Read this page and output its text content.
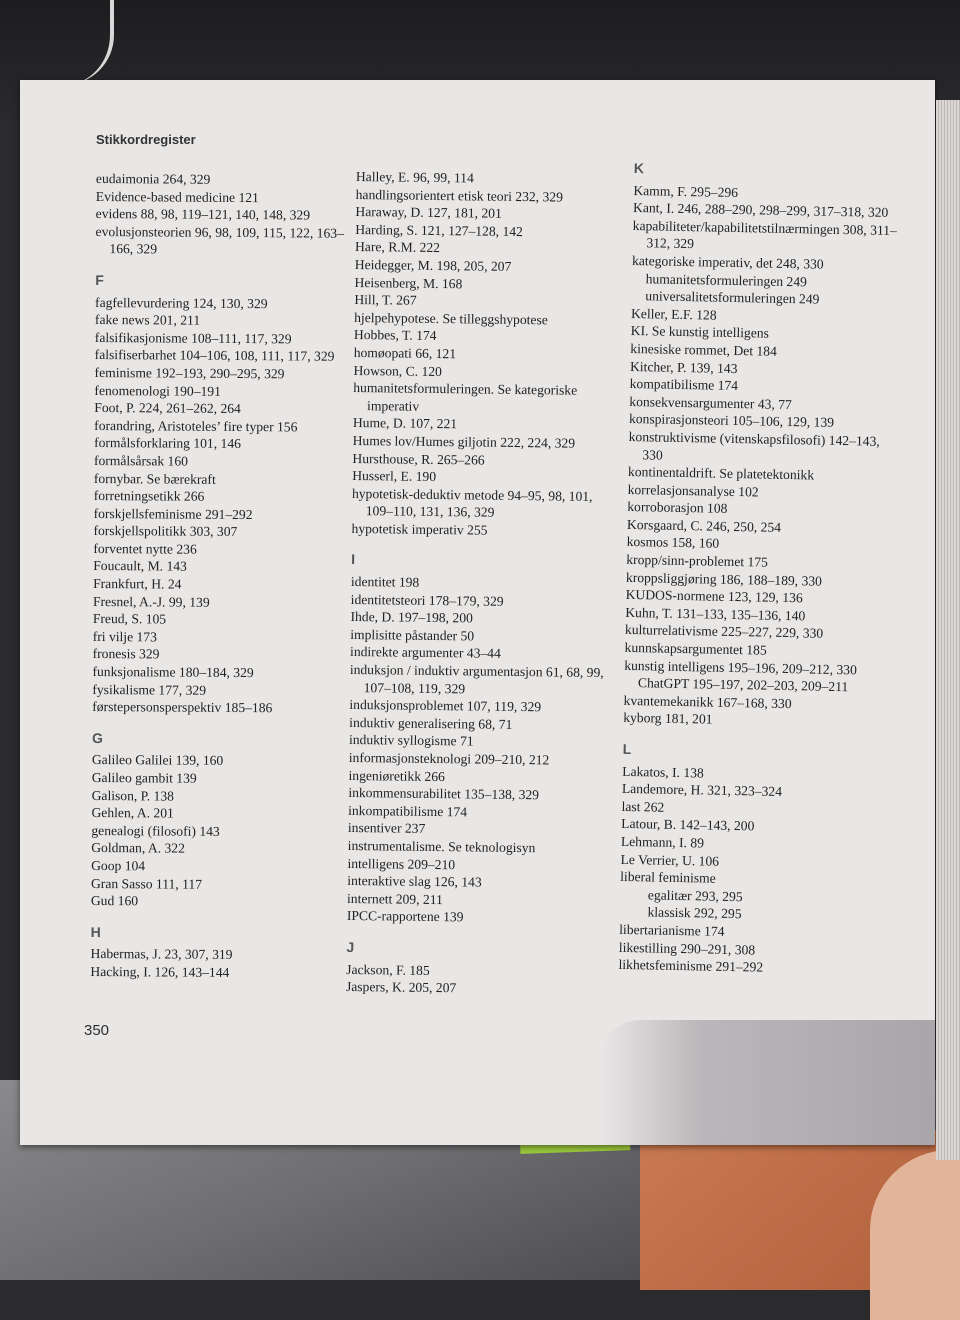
Stikkordregister
eudaimonia 264, 329
Evidence-based medicine 121
evidens 88, 98, 119–121, 140, 148, 329
evolusjonsteorien 96, 98, 109, 115, 122, 163–166, 329
F
fagfellevurdering 124, 130, 329
fake news 201, 211
falsifikasjonisme 108–111, 117, 329
falsifiserbarhet 104–106, 108, 111, 117, 329
feminisme 192–193, 290–295, 329
fenomenologi 190–191
Foot, P. 224, 261–262, 264
forandring, Aristoteles’ fire typer 156
formålsforklaring 101, 146
formålsårsak 160
fornybar. Se bærekraft
forretningsetikk 266
forskjellsfeminisme 291–292
forskjellspolitikk 303, 307
forventet nytte 236
Foucault, M. 143
Frankfurt, H. 24
Fresnel, A.-J. 99, 139
Freud, S. 105
fri vilje 173
fronesis 329
funksjonalisme 180–184, 329
fysikalisme 177, 329
førstepersonsperspektiv 185–186
G
Galileo Galilei 139, 160
Galileo gambit 139
Galison, P. 138
Gehlen, A. 201
genealogi (filosofi) 143
Goldman, A. 322
Goop 104
Gran Sasso 111, 117
Gud 160
H
Habermas, J. 23, 307, 319
Hacking, I. 126, 143–144
Halley, E. 96, 99, 114
handlingsorientert etisk teori 232, 329
Haraway, D. 127, 181, 201
Harding, S. 121, 127–128, 142
Hare, R.M. 222
Heidegger, M. 198, 205, 207
Heisenberg, M. 168
Hill, T. 267
hjelpehypotese. Se tilleggshypotese
Hobbes, T. 174
homøopati 66, 121
Howson, C. 120
humanitetsformuleringen. Se kategoriske imperativ
Hume, D. 107, 221
Humes lov/Humes giljotin 222, 224, 329
Hursthouse, R. 265–266
Husserl, E. 190
hypotetisk-deduktiv metode 94–95, 98, 101, 109–110, 131, 136, 329
hypotetisk imperativ 255
I
identitet 198
identitetsteori 178–179, 329
Ihde, D. 197–198, 200
implisitte påstander 50
indirekte argumenter 43–44
induksjon / induktiv argumentasjon 61, 68, 99, 107–108, 119, 329
induksjonsproblemet 107, 119, 329
induktiv generalisering 68, 71
induktiv syllogisme 71
informasjonsteknologi 209–210, 212
ingeniøretikk 266
inkommensurabilitet 135–138, 329
inkompatibilisme 174
insentiver 237
instrumentalisme. Se teknologisyn
intelligens 209–210
interaktive slag 126, 143
internett 209, 211
IPCC-rapportene 139
J
Jackson, F. 185
Jaspers, K. 205, 207
K
Kamm, F. 295–296
Kant, I. 246, 288–290, 298–299, 317–318, 320
kapabiliteter/kapabilitetstilnærmingen 308, 311–312, 329
kategoriske imperativ, det 248, 330
humanitetsformuleringen 249
universalitetsformuleringen 249
Keller, E.F. 128
KI. Se kunstig intelligens
kinesiske rommet, Det 184
Kitcher, P. 139, 143
kompatibilisme 174
konsekvensargumenter 43, 77
konspirasjonsteori 105–106, 129, 139
konstruktivisme (vitenskapsfilosofi) 142–143, 330
kontinentaldrift. Se platetektonikk
korrelasjonsanalyse 102
korroborasjon 108
Korsgaard, C. 246, 250, 254
kosmos 158, 160
kropp/sinn-problemet 175
kroppsliggjøring 186, 188–189, 330
KUDOS-normene 123, 129, 136
Kuhn, T. 131–133, 135–136, 140
kulturrelativisme 225–227, 229, 330
kunnskapsargumentet 185
kunstig intelligens 195–196, 209–212, 330
ChatGPT 195–197, 202–203, 209–211
kvantemekanikk 167–168, 330
kyborg 181, 201
L
Lakatos, I. 138
Landemore, H. 321, 323–324
last 262
Latour, B. 142–143, 200
Lehmann, I. 89
Le Verrier, U. 106
liberal feminisme
egalitær 293, 295
klassisk 292, 295
libertarianisme 174
likestilling 290–291, 308
likhetsfeminisme 291–292
350
